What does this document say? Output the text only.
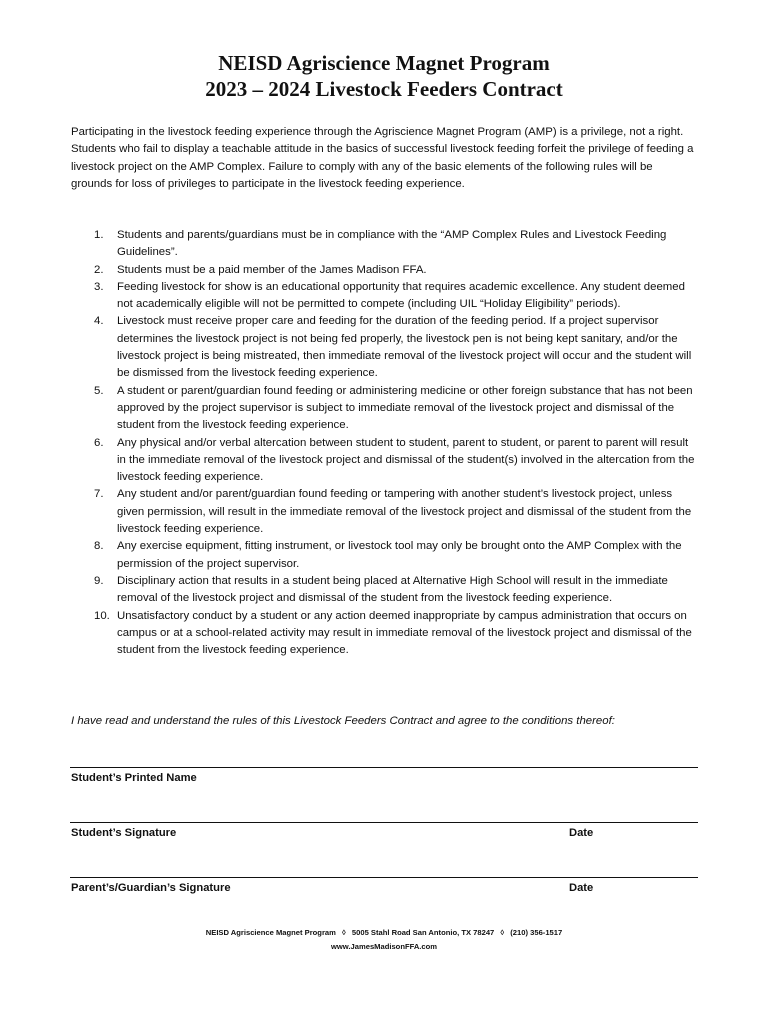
NEISD Agriscience Magnet Program
2023 – 2024 Livestock Feeders Contract

Participating in the livestock feeding experience through the Agriscience Magnet Program (AMP) is a privilege, not a right. Students who fail to display a teachable attitude in the basics of successful livestock feeding forfeit the privilege of feeding a livestock project on the AMP Complex. Failure to comply with any of the basic elements of the following rules will be grounds for loss of privileges to participate in the livestock feeding experience.

1.	Students and parents/guardians must be in compliance with the “AMP Complex Rules and Livestock Feeding Guidelines”.
2.	Students must be a paid member of the James Madison FFA.
3.	Feeding livestock for show is an educational opportunity that requires academic excellence. Any student deemed not academically eligible will not be permitted to compete (including UIL “Holiday Eligibility” periods).
4.	Livestock must receive proper care and feeding for the duration of the feeding period. If a project supervisor determines the livestock project is not being fed properly, the livestock pen is not being kept sanitary, and/or the livestock project is being mistreated, then immediate removal of the livestock project will occur and the student will be dismissed from the livestock feeding experience.
5.	A student or parent/guardian found feeding or administering medicine or other foreign substance that has not been approved by the project supervisor is subject to immediate removal of the livestock project and dismissal of the student from the livestock feeding experience.
6.	Any physical and/or verbal altercation between student to student, parent to student, or parent to parent will result in the immediate removal of the livestock project and dismissal of the student(s) involved in the altercation from the livestock feeding experience.
7.	Any student and/or parent/guardian found feeding or tampering with another student’s livestock project, unless given permission, will result in the immediate removal of the livestock project and dismissal of the student from the livestock feeding experience.
8.	Any exercise equipment, fitting instrument, or livestock tool may only be brought onto the AMP Complex with the permission of the project supervisor.
9.	Disciplinary action that results in a student being placed at Alternative High School will result in the immediate removal of the livestock project and dismissal of the student from the livestock feeding experience.
10. Unsatisfactory conduct by a student or any action deemed inappropriate by campus administration that occurs on campus or at a school-related activity may result in immediate removal of the livestock project and dismissal of the student from the livestock feeding experience.

I have read and understand the rules of this Livestock Feeders Contract and agree to the conditions thereof:

Student’s Printed Name
Student’s Signature	Date
Parent’s/Guardian’s Signature	Date
NEISD Agriscience Magnet Program ◊ 5005 Stahl Road San Antonio, TX 78247 ◊ (210) 356-1517
www.JamesMadisonFFA.com
